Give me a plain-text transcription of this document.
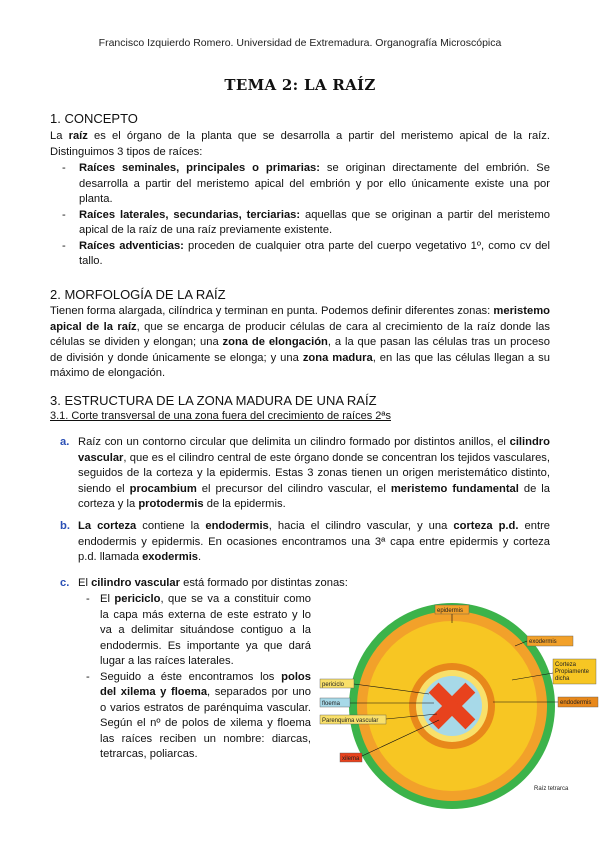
Francisco Izquierdo Romero. Universidad de Extremadura. Organografía Microscópica
TEMA 2: LA RAÍZ
1. CONCEPTO
La raíz es el órgano de la planta que se desarrolla a partir del meristemo apical de la raíz. Distinguimos 3 tipos de raíces:
- Raíces seminales, principales o primarias: se originan directamente del embrión. Se desarrolla a partir del meristemo apical del embrión y por ello únicamente existe una por planta.
- Raíces laterales, secundarias, terciarias: aquellas que se originan a partir del meristemo apical de la raíz de una raíz previamente existente.
- Raíces adventicias: proceden de cualquier otra parte del cuerpo vegetativo 1º, como cv del tallo.
2. MORFOLOGÍA DE LA RAÍZ
Tienen forma alargada, cilíndrica y terminan en punta. Podemos definir diferentes zonas: meristemo apical de la raíz, que se encarga de producir células de cara al crecimiento de la raíz donde las células se dividen y elongan; una zona de elongación, a la que pasan las células tras un proceso de división y donde únicamente se elonga; y una zona madura, en las que las células llegan a su máximo de elongación.
3. ESTRUCTURA DE LA ZONA MADURA DE UNA RAÍZ
3.1. Corte transversal de una zona fuera del crecimiento de raíces 2ªs
a. Raíz con un contorno circular que delimita un cilindro formado por distintos anillos, el cilindro vascular, que es el cilindro central de este órgano donde se concentran los tejidos vasculares, seguidos de la corteza y la epidermis. Estas 3 zonas tienen un origen meristemático distinto, siendo el procambium el precursor del cilindro vascular, el meristemo fundamental de la corteza y la protodermis de la epidermis.
b. La corteza contiene la endodermis, hacia el cilindro vascular, y una corteza p.d. entre endodermis y epidermis. En ocasiones encontramos una 3ª capa entre epidermis y corteza p.d. llamada exodermis.
c. El cilindro vascular está formado por distintas zonas:
- El periciclo, que se va a constituir como la capa más externa de este estrato y lo va a delimitar situándose contiguo a la endodermis. Es importante ya que dará lugar a las raíces laterales.
- Seguido a éste encontramos los polos del xilema y floema, separados por uno o varios estratos de parénquima vascular. Según el nº de polos de xilema y floema las raíces reciben un nombre: diarcas, tetrarcas, poliarcas.
epidermis
exodermis
Corteza
Propiamente
dicha
endodermis
periciclo
floema
Parenquima vascular
xilema
Raíz tetrarca
